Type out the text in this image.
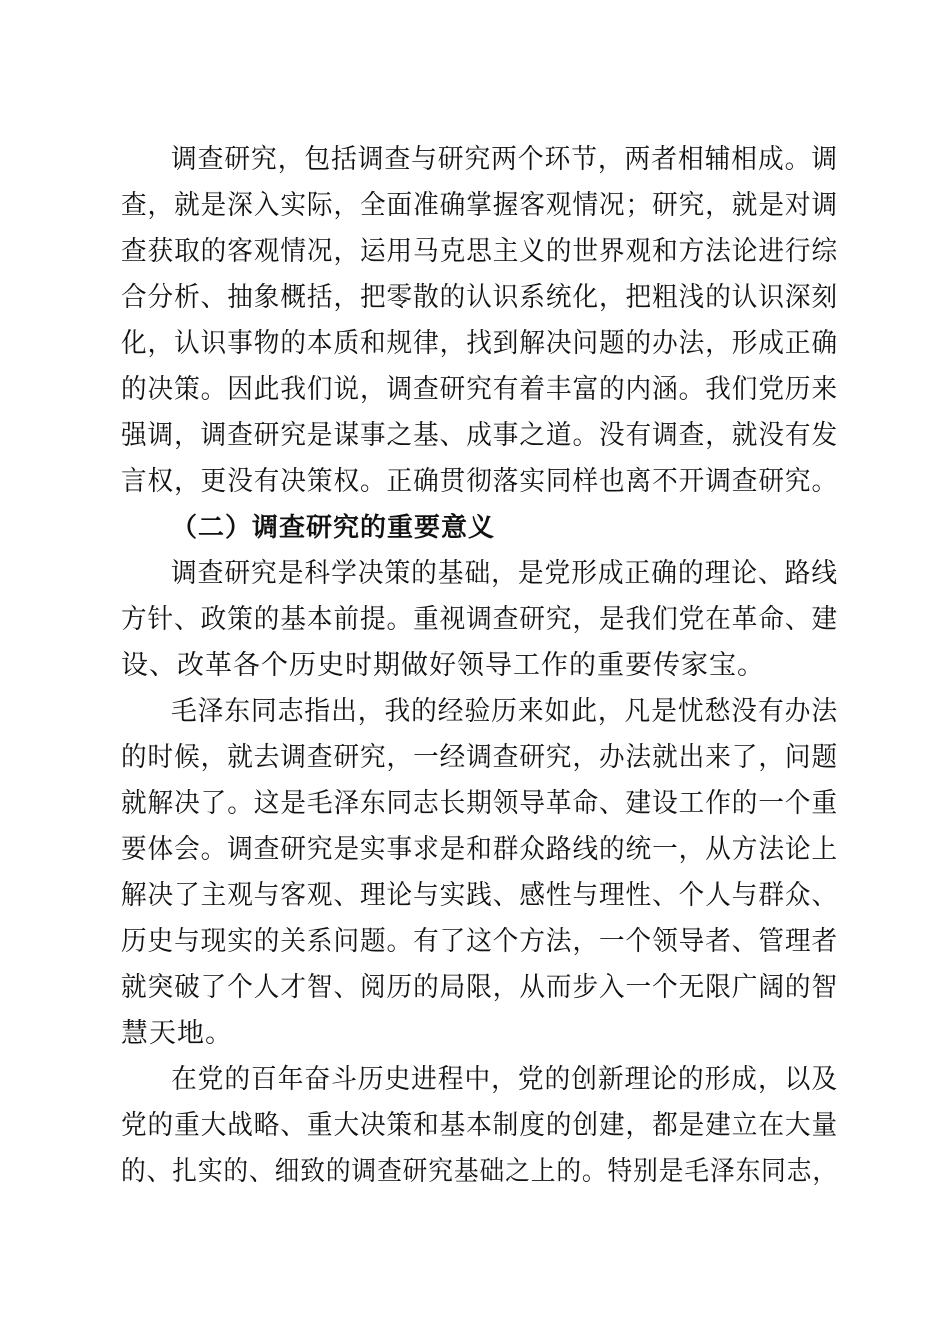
调查研究，包括调查与研究两个环节，两者相辅相成。调
查，就是深入实际，全面准确掌握客观情况；研究，就是对调
查获取的客观情况，运用马克思主义的世界观和方法论进行综
合分析、抽象概括，把零散的认识系统化，把粗浅的认识深刻
化，认识事物的本质和规律，找到解决问题的办法，形成正确
的决策。因此我们说，调查研究有着丰富的内涵。我们党历来
强调，调查研究是谋事之基、成事之道。没有调查，就没有发
言权，更没有决策权。正确贯彻落实同样也离不开调查研究。
（二）调查研究的重要意义
调查研究是科学决策的基础，是党形成正确的理论、路线
方针、政策的基本前提。重视调查研究，是我们党在革命、建
设、改革各个历史时期做好领导工作的重要传家宝。
毛泽东同志指出，我的经验历来如此，凡是忧愁没有办法
的时候，就去调查研究，一经调查研究，办法就出来了，问题
就解决了。这是毛泽东同志长期领导革命、建设工作的一个重
要体会。调查研究是实事求是和群众路线的统一，从方法论上
解决了主观与客观、理论与实践、感性与理性、个人与群众、
历史与现实的关系问题。有了这个方法，一个领导者、管理者
就突破了个人才智、阅历的局限，从而步入一个无限广阔的智
慧天地。
在党的百年奋斗历史进程中，党的创新理论的形成，以及
党的重大战略、重大决策和基本制度的创建，都是建立在大量
的、扎实的、细致的调查研究基础之上的。特别是毛泽东同志，
